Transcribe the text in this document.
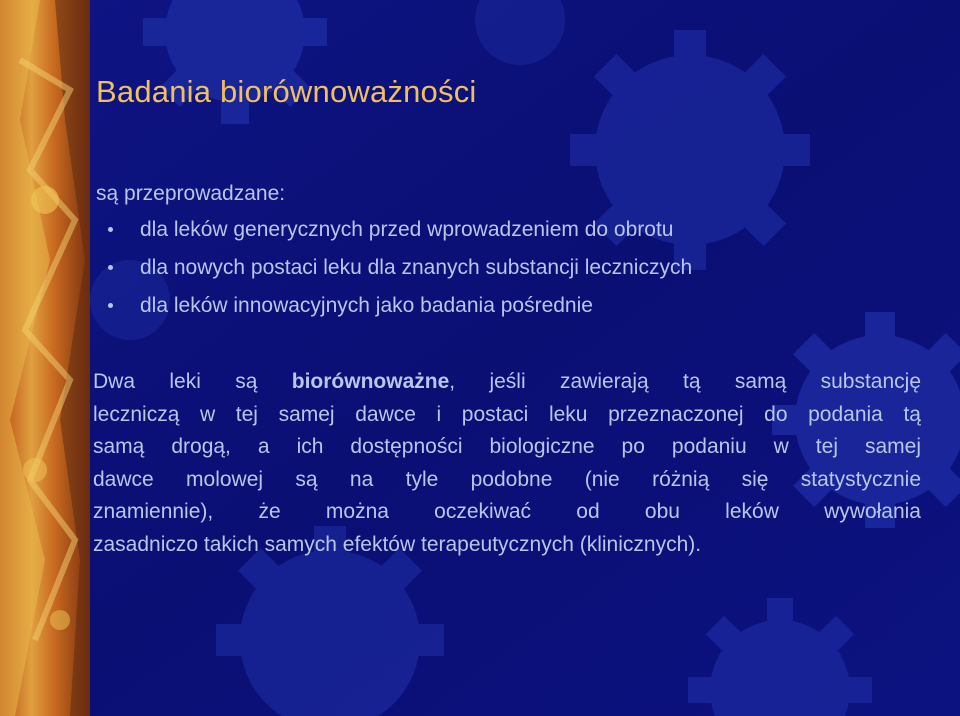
Badania biorównoważności
są przeprowadzane:
dla leków generycznych przed wprowadzeniem do obrotu
dla nowych postaci leku dla znanych substancji leczniczych
dla leków innowacyjnych jako badania pośrednie
Dwa leki są biorównoważne, jeśli zawierają tą samą substancję
leczniczą w tej samej dawce i postaci leku przeznaczonej do podania tą
samą drogą, a ich dostępności biologiczne po podaniu w tej samej
dawce molowej są na tyle podobne (nie różnią się statystycznie
znamiennie), że można oczekiwać od obu leków wywołania
zasadniczo takich samych efektów terapeutycznych (klinicznych).
